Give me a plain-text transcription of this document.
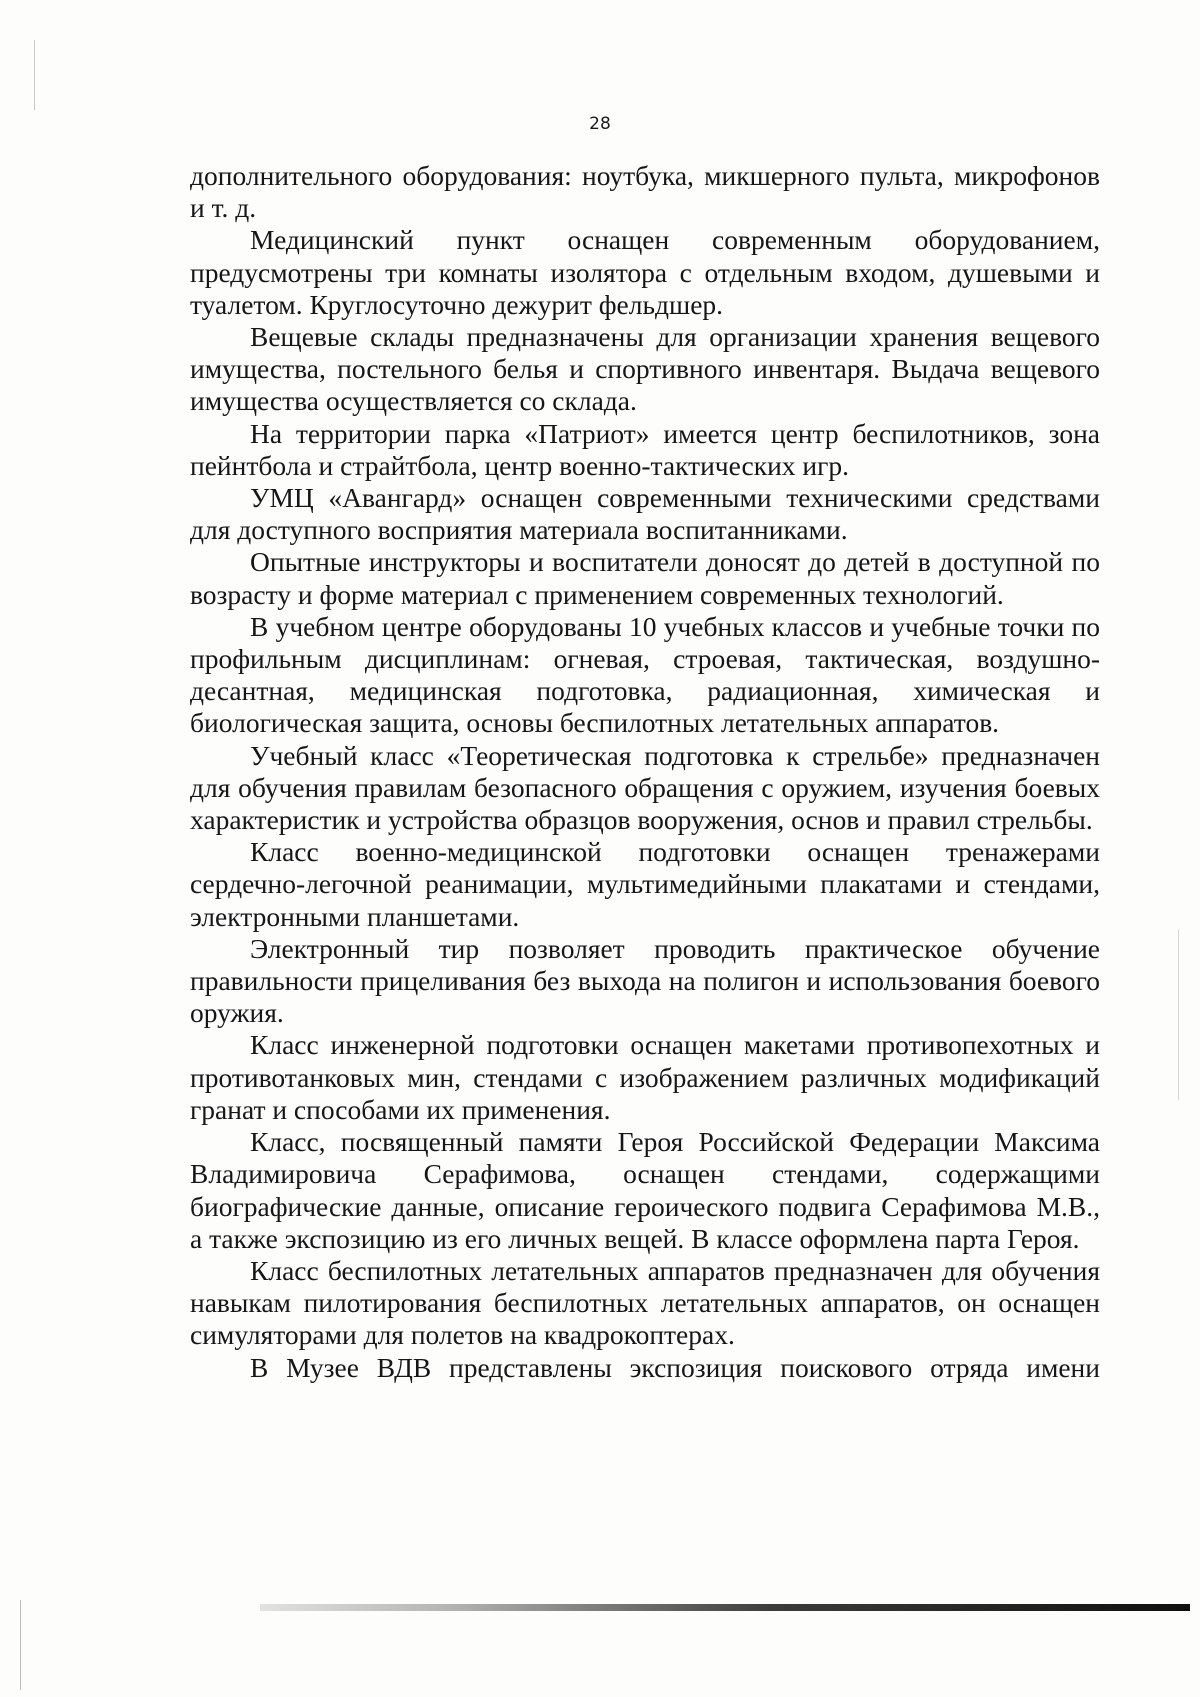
28

дополнительного оборудования: ноутбука, микшерного пульта, микрофонов и т. д.

Медицинский пункт оснащен современным оборудованием, предусмотрены три комнаты изолятора с отдельным входом, душевыми и туалетом. Круглосуточно дежурит фельдшер.

Вещевые склады предназначены для организации хранения вещевого имущества, постельного белья и спортивного инвентаря. Выдача вещевого имущества осуществляется со склада.

На территории парка «Патриот» имеется центр беспилотников, зона пейнтбола и страйтбола, центр военно-тактических игр.

УМЦ «Авангард» оснащен современными техническими средствами для доступного восприятия материала воспитанниками.

Опытные инструкторы и воспитатели доносят до детей в доступной по возрасту и форме материал с применением современных технологий.

В учебном центре оборудованы 10 учебных классов и учебные точки по профильным дисциплинам: огневая, строевая, тактическая, воздушно-десантная, медицинская подготовка, радиационная, химическая и биологическая защита, основы беспилотных летательных аппаратов.

Учебный класс «Теоретическая подготовка к стрельбе» предназначен для обучения правилам безопасного обращения с оружием, изучения боевых характеристик и устройства образцов вооружения, основ и правил стрельбы.

Класс военно-медицинской подготовки оснащен тренажерами сердечно-легочной реанимации, мультимедийными плакатами и стендами, электронными планшетами.

Электронный тир позволяет проводить практическое обучение правильности прицеливания без выхода на полигон и использования боевого оружия.

Класс инженерной подготовки оснащен макетами противопехотных и противотанковых мин, стендами с изображением различных модификаций гранат и способами их применения.

Класс, посвященный памяти Героя Российской Федерации Максима Владимировича Серафимова, оснащен стендами, содержащими биографические данные, описание героического подвига Серафимова М.В., а также экспозицию из его личных вещей. В классе оформлена парта Героя.

Класс беспилотных летательных аппаратов предназначен для обучения навыкам пилотирования беспилотных летательных аппаратов, он оснащен симуляторами для полетов на квадрокоптерах.

В Музее ВДВ представлены экспозиция поискового отряда имени
